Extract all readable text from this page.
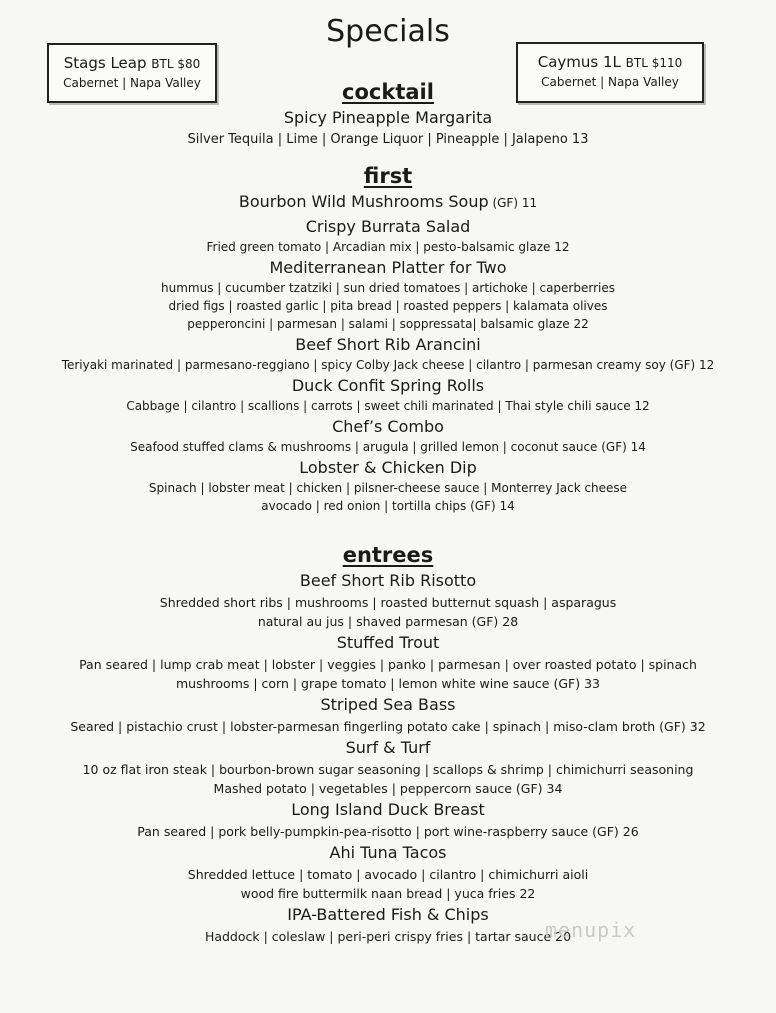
Specials
Stags Leap BTL $80
Cabernet | Napa Valley
Caymus 1L BTL $110
Cabernet | Napa Valley
cocktail
Spicy Pineapple Margarita
Silver Tequila | Lime | Orange Liquor | Pineapple | Jalapeno 13
first
Bourbon Wild Mushrooms Soup (GF) 11
Crispy Burrata Salad
Fried green tomato | Arcadian mix | pesto-balsamic glaze 12
Mediterranean Platter for Two
hummus | cucumber tzatziki | sun dried tomatoes | artichoke | caperberries
dried figs | roasted garlic | pita bread | roasted peppers | kalamata olives
pepperoncini | parmesan | salami | soppressata| balsamic glaze 22
Beef Short Rib Arancini
Teriyaki marinated | parmesano-reggiano | spicy Colby Jack cheese | cilantro | parmesan creamy soy (GF) 12
Duck Confit Spring Rolls
Cabbage | cilantro | scallions | carrots | sweet chili marinated | Thai style chili sauce 12
Chef’s Combo
Seafood stuffed clams & mushrooms | arugula | grilled lemon | coconut sauce (GF) 14
Lobster & Chicken Dip
Spinach | lobster meat | chicken | pilsner-cheese sauce | Monterrey Jack cheese
avocado | red onion | tortilla chips (GF) 14
entrees
Beef Short Rib Risotto
Shredded short ribs | mushrooms | roasted butternut squash | asparagus
natural au jus | shaved parmesan (GF) 28
Stuffed Trout
Pan seared | lump crab meat | lobster | veggies | panko | parmesan | over roasted potato | spinach
mushrooms | corn | grape tomato | lemon white wine sauce (GF) 33
Striped Sea Bass
Seared | pistachio crust | lobster-parmesan fingerling potato cake | spinach | miso-clam broth (GF) 32
Surf & Turf
10 oz flat iron steak | bourbon-brown sugar seasoning | scallops & shrimp | chimichurri seasoning
Mashed potato | vegetables | peppercorn sauce (GF) 34
Long Island Duck Breast
Pan seared | pork belly-pumpkin-pea-risotto | port wine-raspberry sauce (GF) 26
Ahi Tuna Tacos
Shredded lettuce | tomato | avocado | cilantro | chimichurri aioli
wood fire buttermilk naan bread | yuca fries 22
IPA-Battered Fish & Chips
Haddock | coleslaw | peri-peri crispy fries | tartar sauce 20
menupix
